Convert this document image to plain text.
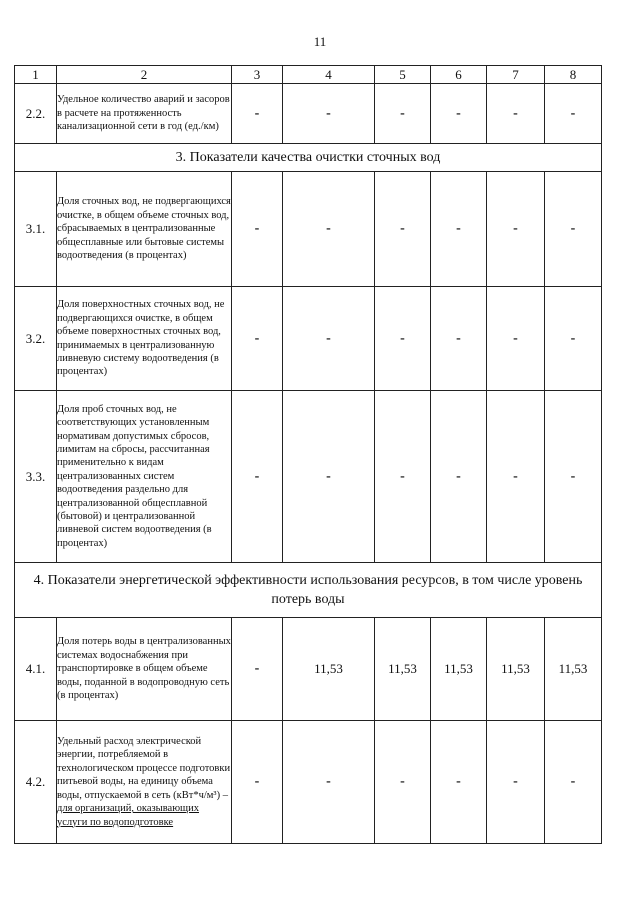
11
1	2	3	4	5	6	7	8
2.2.	Удельное количество аварий и засоров в расчете на протяженность канализационной сети в год (ед./км)	-	-	-	-	-	-
3. Показатели качества очистки сточных вод							
3.1.	Доля сточных вод, не подвергающихся очистке, в общем объеме сточных вод, сбрасываемых в централизованные общесплавные или бытовые системы водоотведения (в процентах)	-	-	-	-	-	-
3.2.	Доля поверхностных сточных вод, не подвергающихся очистке, в общем объеме поверхностных сточных вод, принимаемых в централизованную ливневую систему водоотведения (в процентах)	-	-	-	-	-	-
3.3.	Доля проб сточных вод, не соответствующих установленным нормативам допустимых сбросов, лимитам на сбросы, рассчитанная применительно к видам централизованных систем водоотведения раздельно для централизованной общесплавной (бытовой) и централизованной ливневой систем водоотведения (в процентах)	-	-	-	-	-	-
4. Показатели энергетической эффективности использования ресурсов, в том числе уровень потерь воды							
4.1.	Доля потерь воды в централизованных системах водоснабжения при транспортировке в общем объеме воды, поданной в водопроводную сеть (в процентах)	-	11,53	11,53	11,53	11,53	11,53
4.2.	Удельный расход электрической энергии, потребляемой в технологическом процессе подготовки питьевой воды, на единицу объема воды, отпускаемой в сеть (кВт*ч/м³) – для организаций, оказывающих услуги по водоподготовке	-	-	-	-	-	-
